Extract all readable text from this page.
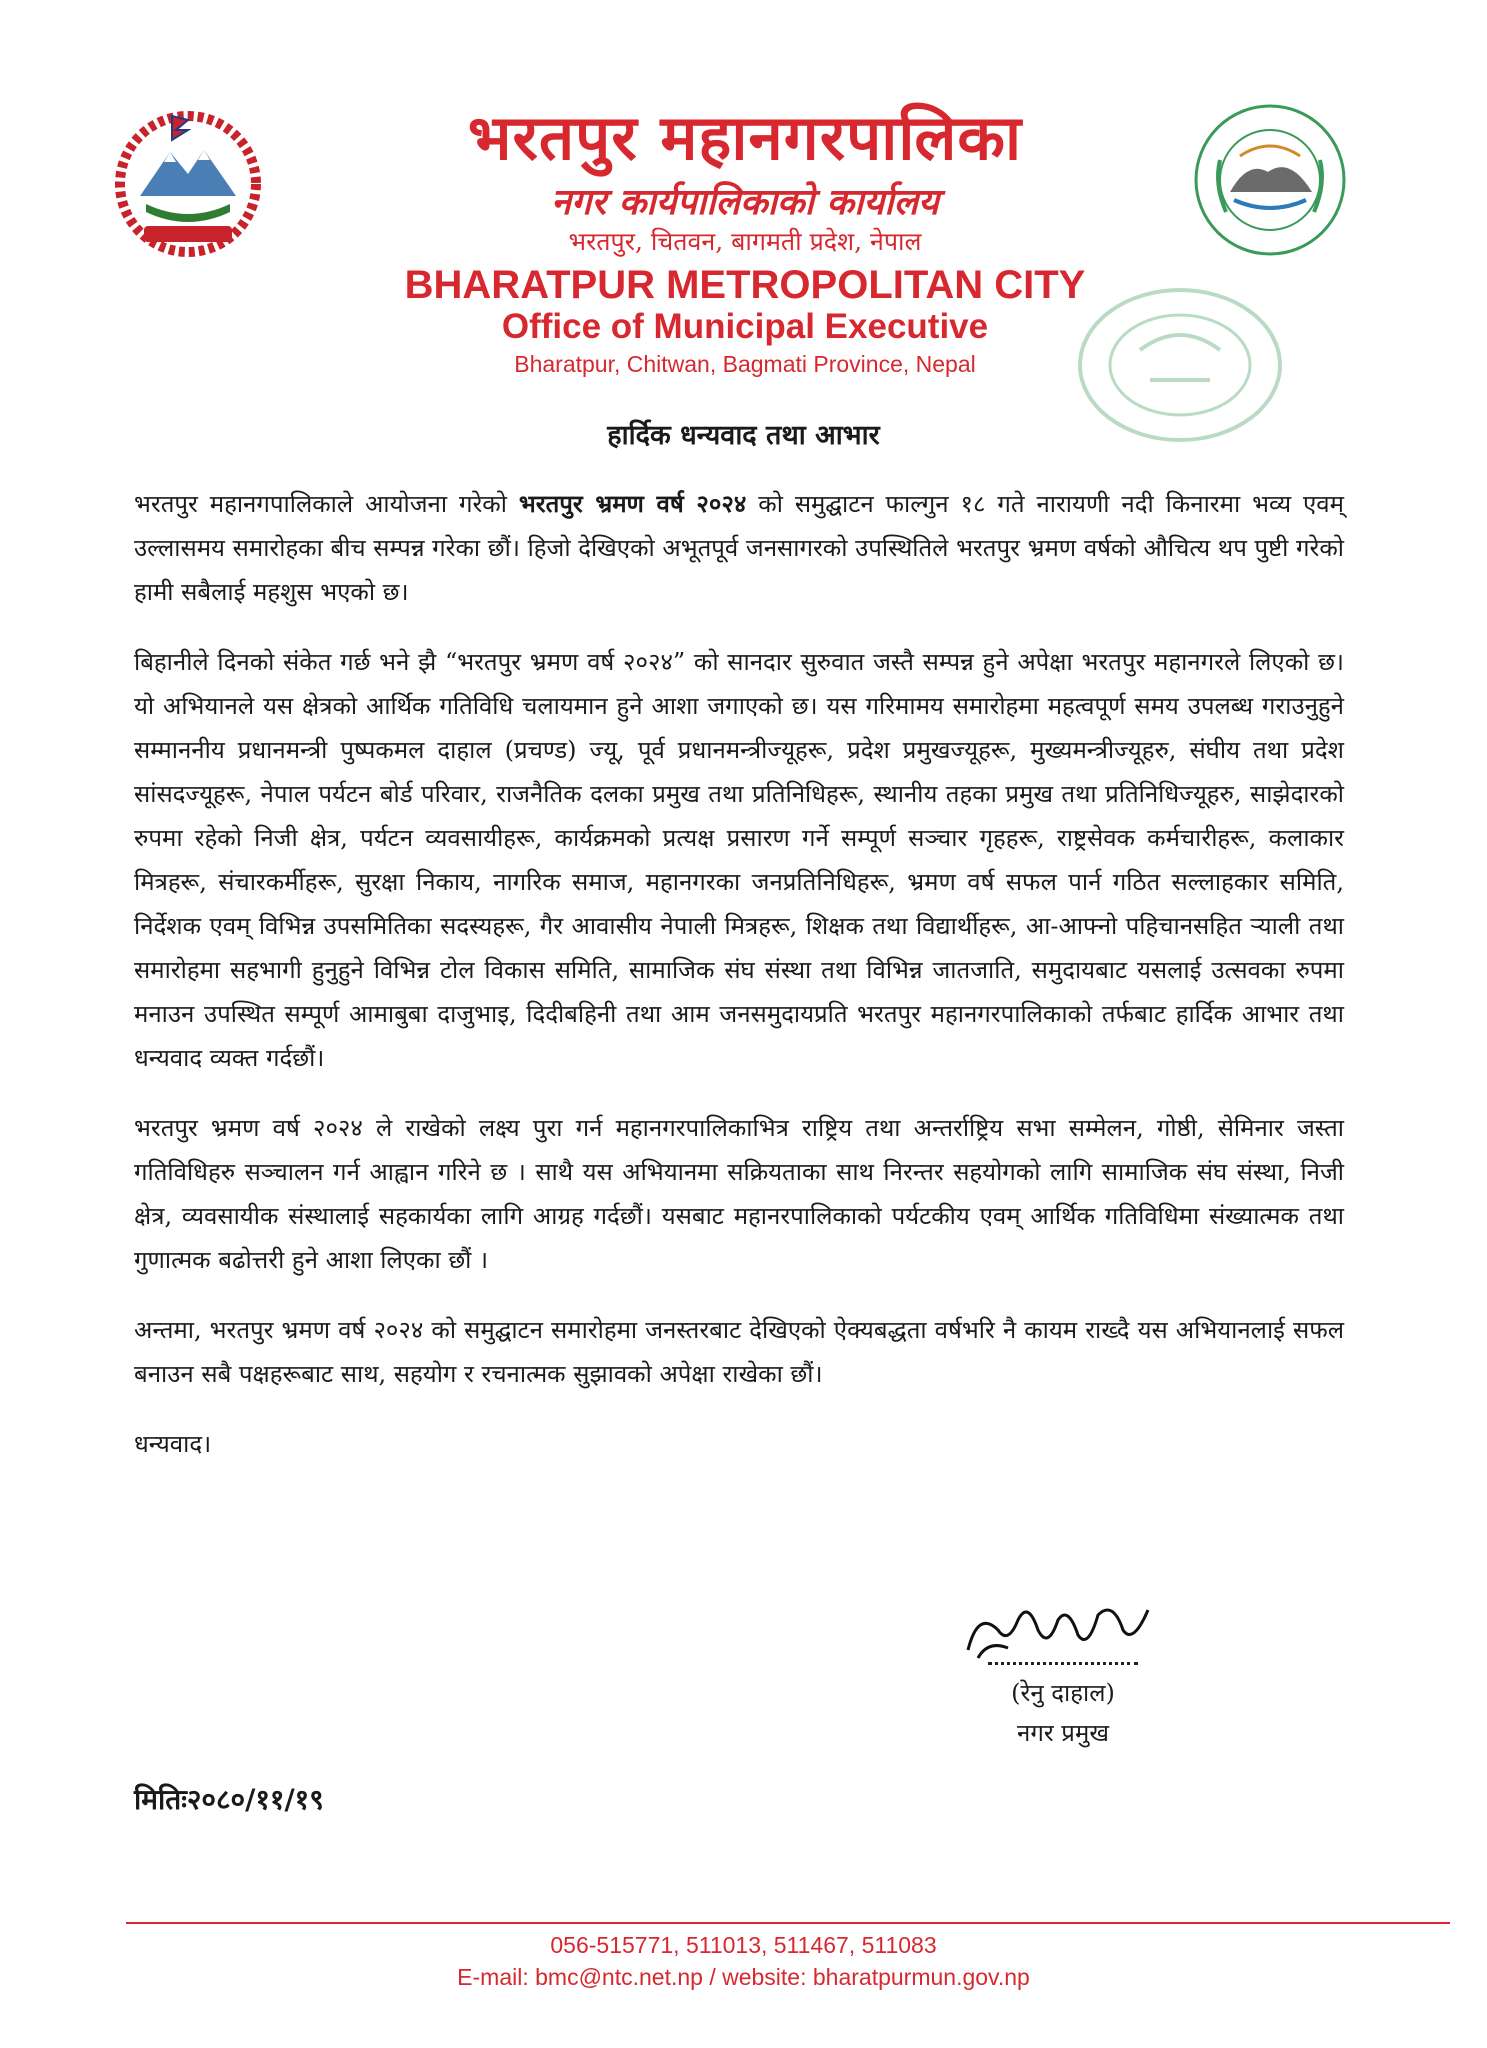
भरतपुर महानगरपालिका
नगर कार्यपालिकाको कार्यालय
भरतपुर, चितवन, बागमती प्रदेश, नेपाल
BHARATPUR METROPOLITAN CITY
Office of Municipal Executive
Bharatpur, Chitwan, Bagmati Province, Nepal
हार्दिक धन्यवाद तथा आभार

भरतपुर महानगपालिकाले आयोजना गरेको भरतपुर भ्रमण वर्ष २०२४ को समुद्घाटन फाल्गुन १८ गते नारायणी नदी किनारमा भव्य एवम् उल्लासमय समारोहका बीच सम्पन्न गरेका छौं। हिजो देखिएको अभूतपूर्व जनसागरको उपस्थितिले भरतपुर भ्रमण वर्षको औचित्य थप पुष्टी गरेको हामी सबैलाई महशुस भएको छ।

बिहानीले दिनको संकेत गर्छ भने झै “भरतपुर भ्रमण वर्ष २०२४” को सानदार सुरुवात जस्तै सम्पन्न हुने अपेक्षा भरतपुर महानगरले लिएको छ। यो अभियानले यस क्षेत्रको आर्थिक गतिविधि चलायमान हुने आशा जगाएको छ। यस गरिमामय समारोहमा महत्वपूर्ण समय उपलब्ध गराउनुहुने सम्माननीय प्रधानमन्त्री पुष्पकमल दाहाल (प्रचण्ड) ज्यू, पूर्व प्रधानमन्त्रीज्यूहरू, प्रदेश प्रमुखज्यूहरू, मुख्यमन्त्रीज्यूहरु, संघीय तथा प्रदेश सांसदज्यूहरू, नेपाल पर्यटन बोर्ड परिवार, राजनैतिक दलका प्रमुख तथा प्रतिनिधिहरू, स्थानीय तहका प्रमुख तथा प्रतिनिधिज्यूहरु, साझेदारको रुपमा रहेको निजी क्षेत्र, पर्यटन व्यवसायीहरू, कार्यक्रमको प्रत्यक्ष प्रसारण गर्ने सम्पूर्ण सञ्चार गृहहरू, राष्ट्रसेवक कर्मचारीहरू, कलाकार मित्रहरू, संचारकर्मीहरू, सुरक्षा निकाय, नागरिक समाज, महानगरका जनप्रतिनिधिहरू, भ्रमण वर्ष सफल पार्न गठित सल्लाहकार समिति, निर्देशक एवम् विभिन्न उपसमितिका सदस्यहरू, गैर आवासीय नेपाली मित्रहरू, शिक्षक तथा विद्यार्थीहरू, आ-आफ्नो पहिचानसहित ऱ्याली तथा समारोहमा सहभागी हुनुहुने विभिन्न टोल विकास समिति, सामाजिक संघ संस्था तथा विभिन्न जातजाति, समुदायबाट यसलाई उत्सवका रुपमा मनाउन उपस्थित सम्पूर्ण आमाबुबा दाजुभाइ, दिदीबहिनी तथा आम जनसमुदायप्रति भरतपुर महानगरपालिकाको तर्फबाट हार्दिक आभार तथा धन्यवाद व्यक्त गर्दछौं।

भरतपुर भ्रमण वर्ष २०२४ ले राखेको लक्ष्य पुरा गर्न महानगरपालिकाभित्र राष्ट्रिय तथा अन्तर्राष्ट्रिय सभा सम्मेलन, गोष्ठी, सेमिनार जस्ता गतिविधिहरु सञ्चालन गर्न आह्वान गरिने छ । साथै यस अभियानमा सक्रियताका साथ निरन्तर सहयोगको लागि सामाजिक संघ संस्था, निजी क्षेत्र, व्यवसायीक संस्थालाई सहकार्यका लागि आग्रह गर्दछौं। यसबाट महानरपालिकाको पर्यटकीय एवम् आर्थिक गतिविधिमा संख्यात्मक तथा गुणात्मक बढोत्तरी हुने आशा लिएका छौं ।

अन्तमा, भरतपुर भ्रमण वर्ष २०२४ को समुद्घाटन समारोहमा जनस्तरबाट देखिएको ऐक्यबद्धता वर्षभरि नै कायम राख्दै यस अभियानलाई सफल बनाउन सबै पक्षहरूबाट साथ, सहयोग र रचनात्मक सुझावको अपेक्षा राखेका छौं।

धन्यवाद।

(रेनु दाहाल)
नगर प्रमुख
मितिः२०८०/११/१९
056-515771, 511013, 511467, 511083
E-mail: bmc@ntc.net.np / website: bharatpurmun.gov.np
